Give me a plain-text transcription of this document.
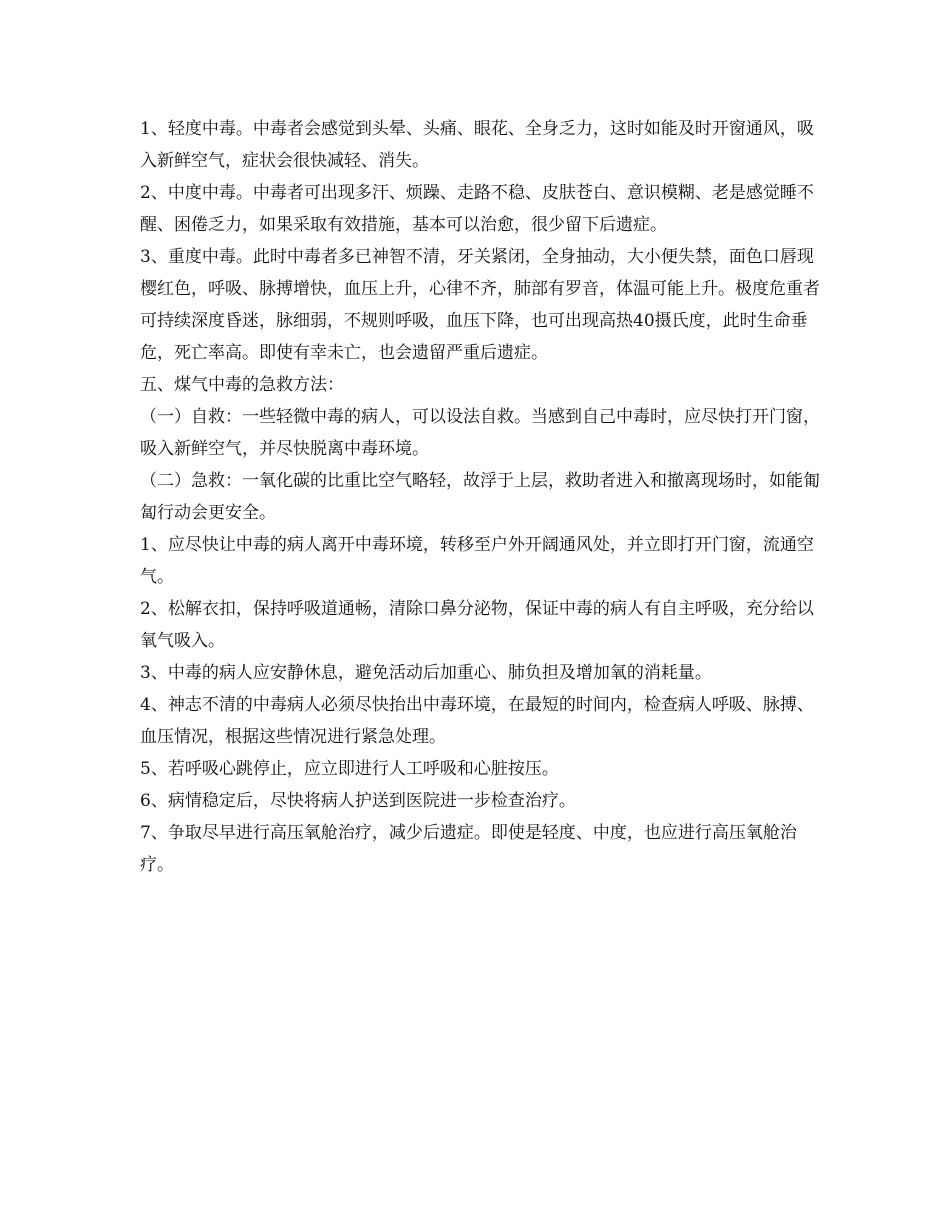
1、轻度中毒。中毒者会感觉到头晕、头痛、眼花、全身乏力，这时如能及时开窗通风，吸入新鲜空气，症状会很快减轻、消失。

2、中度中毒。中毒者可出现多汗、烦躁、走路不稳、皮肤苍白、意识模糊、老是感觉睡不醒、困倦乏力，如果采取有效措施，基本可以治愈，很少留下后遗症。

3、重度中毒。此时中毒者多已神智不清，牙关紧闭，全身抽动，大小便失禁，面色口唇现樱红色，呼吸、脉搏增快，血压上升，心律不齐，肺部有罗音，体温可能上升。极度危重者可持续深度昏迷，脉细弱，不规则呼吸，血压下降，也可出现高热40摄氏度，此时生命垂危，死亡率高。即使有幸未亡，也会遗留严重后遗症。

五、煤气中毒的急救方法：

（一）自救：一些轻微中毒的病人，可以设法自救。当感到自己中毒时，应尽快打开门窗，吸入新鲜空气，并尽快脱离中毒环境。

（二）急救：一氧化碳的比重比空气略轻，故浮于上层，救助者进入和撤离现场时，如能匍匐行动会更安全。

1、应尽快让中毒的病人离开中毒环境，转移至户外开阔通风处，并立即打开门窗，流通空气。

2、松解衣扣，保持呼吸道通畅，清除口鼻分泌物，保证中毒的病人有自主呼吸，充分给以氧气吸入。

3、中毒的病人应安静休息，避免活动后加重心、肺负担及增加氧的消耗量。

4、神志不清的中毒病人必须尽快抬出中毒环境，在最短的时间内，检查病人呼吸、脉搏、血压情况，根据这些情况进行紧急处理。

5、若呼吸心跳停止，应立即进行人工呼吸和心脏按压。

6、病情稳定后，尽快将病人护送到医院进一步检查治疗。

7、争取尽早进行高压氧舱治疗，减少后遗症。即使是轻度、中度，也应进行高压氧舱治疗。
